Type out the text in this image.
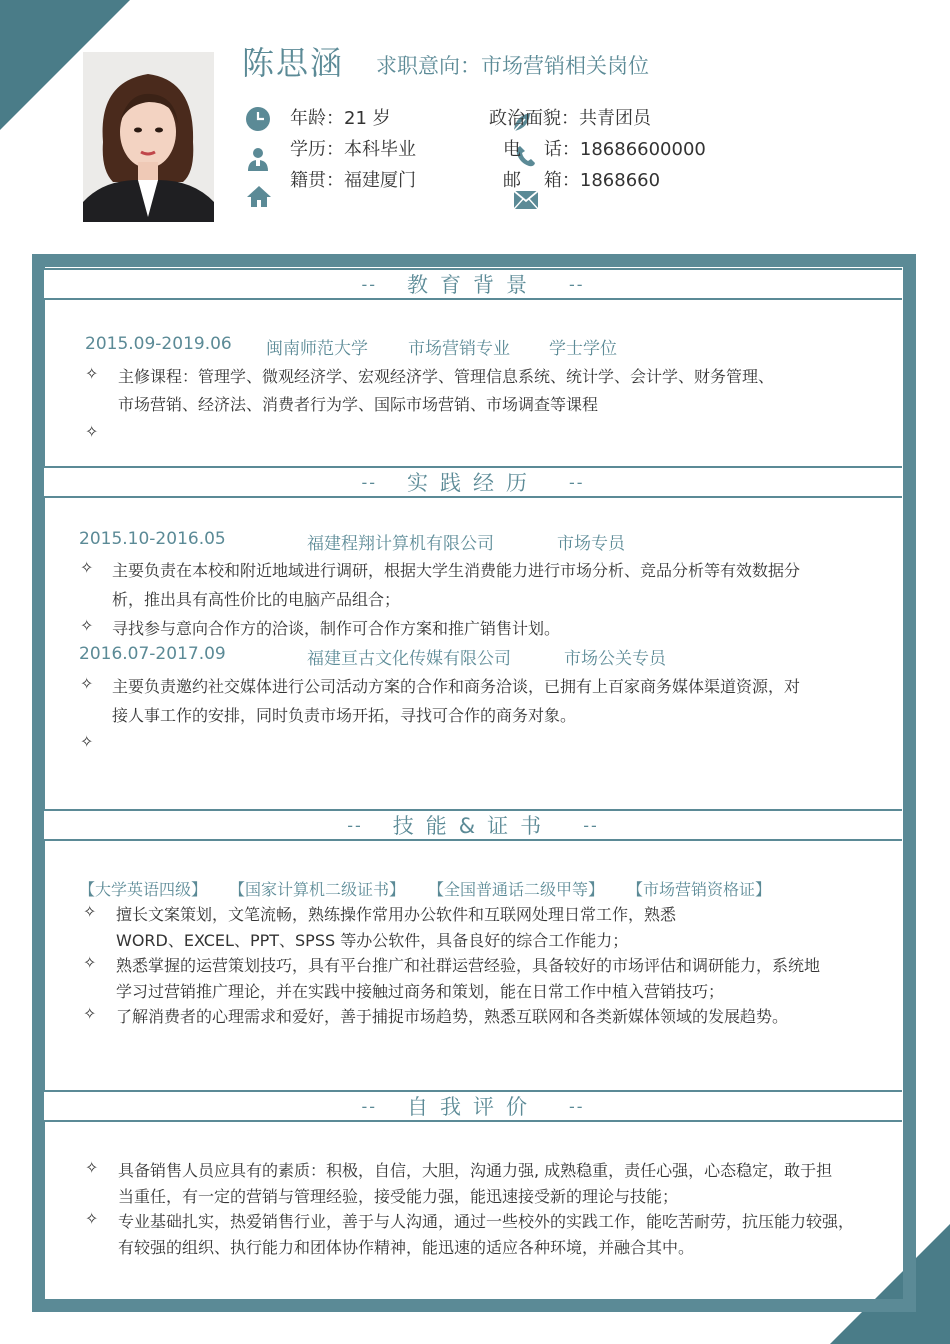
陈思涵 求职意向：市场营销相关岗位
年龄：21 岁
学历：本科毕业
籍贯：福建厦门
政治面貌：共青团员
电    话：18686600000
邮    箱：1868660
-- 教育背景 --
2015.09-2019.06 闽南师范大学 市场营销专业 学士学位
✧ 主修课程：管理学、微观经济学、宏观经济学、管理信息系统、统计学、会计学、财务管理、
市场营销、经济法、消费者行为学、国际市场营销、市场调查等课程
✧
-- 实践经历 --
2015.10-2016.05	福建程翔计算机有限公司	市场专员
✧ 主要负责在本校和附近地域进行调研，根据大学生消费能力进行市场分析、竞品分析等有效数据分
析，推出具有高性价比的电脑产品组合；
✧ 寻找参与意向合作方的洽谈，制作可合作方案和推广销售计划。
2016.07-2017.09	福建亘古文化传媒有限公司	市场公关专员
✧ 主要负责邀约社交媒体进行公司活动方案的合作和商务洽谈，已拥有上百家商务媒体渠道资源，对
接人事工作的安排，同时负责市场开拓，寻找可合作的商务对象。
✧
-- 技能&证书 --
【大学英语四级】 【国家计算机二级证书】 【全国普通话二级甲等】 【市场营销资格证】
✧ 擅长文案策划，文笔流畅，熟练操作常用办公软件和互联网处理日常工作，熟悉
WORD、EXCEL、PPT、SPSS 等办公软件，具备良好的综合工作能力；
✧ 熟悉掌握的运营策划技巧，具有平台推广和社群运营经验，具备较好的市场评估和调研能力，系统地
学习过营销推广理论，并在实践中接触过商务和策划，能在日常工作中植入营销技巧；
✧ 了解消费者的心理需求和爱好，善于捕捉市场趋势，熟悉互联网和各类新媒体领域的发展趋势。
-- 自我评价 --
✧ 具备销售人员应具有的素质：积极，自信，大胆，沟通力强, 成熟稳重，责任心强，心态稳定，敢于担
当重任，有一定的营销与管理经验，接受能力强，能迅速接受新的理论与技能；
✧ 专业基础扎实，热爱销售行业，善于与人沟通，通过一些校外的实践工作，能吃苦耐劳，抗压能力较强，
有较强的组织、执行能力和团体协作精神，能迅速的适应各种环境，并融合其中。
